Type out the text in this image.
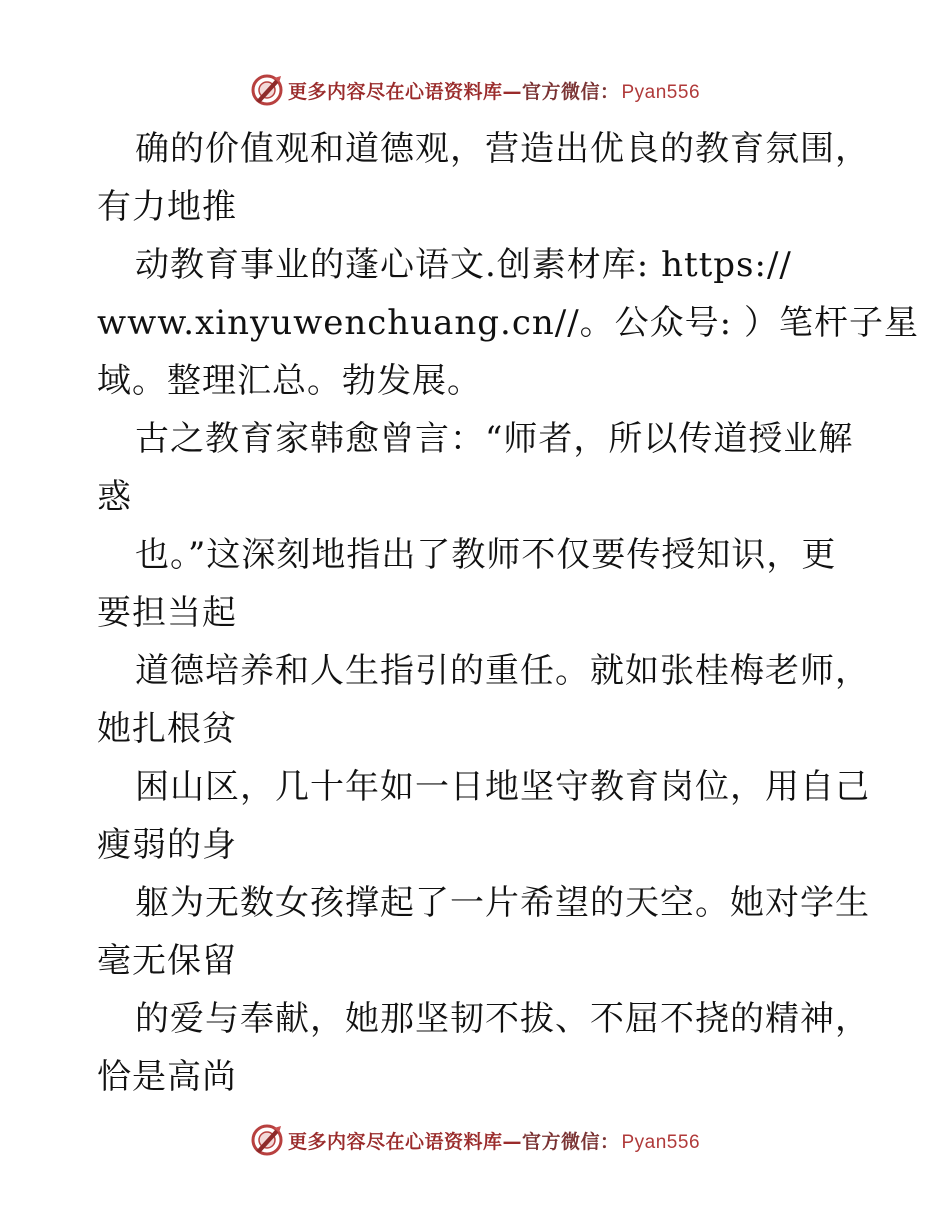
更多内容尽在心语资料库—官方微信： Pyan556
确的价值观和道德观，营造出优良的教育氛围，
有力地推
动教育事业的蓬心语文.创素材库: https://
www.xinyuwenchuang.cn//。公众号: ）笔杆子星
域。整理汇总。勃发展。
古之教育家韩愈曾言：“师者，所以传道授业解
惑
也。”这深刻地指出了教师不仅要传授知识，更
要担当起
道德培养和人生指引的重任。就如张桂梅老师，
她扎根贫
困山区，几十年如一日地坚守教育岗位，用自己
瘦弱的身
躯为无数女孩撑起了一片希望的天空。她对学生
毫无保留
的爱与奉献，她那坚韧不拔、不屈不挠的精神，
恰是高尚
更多内容尽在心语资料库—官方微信： Pyan556
